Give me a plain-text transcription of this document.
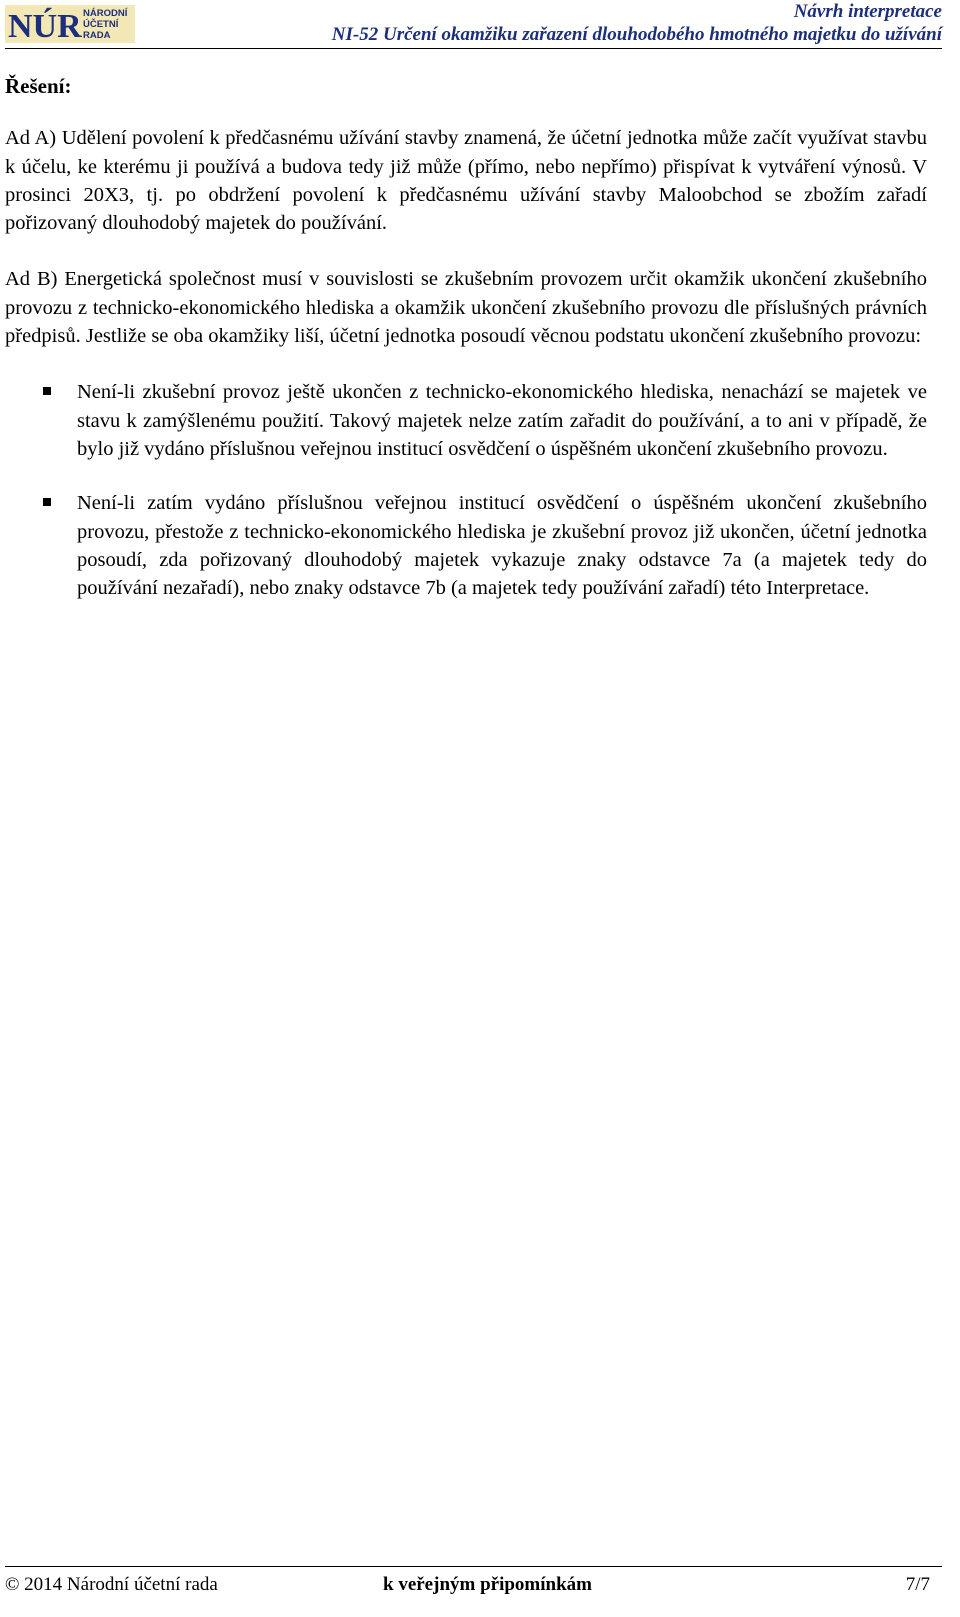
NÚR NÁRODNÍ
ÚČETNÍ
RADA
Návrh interpretace
NI-52 Určení okamžiku zařazení dlouhodobého hmotného majetku do užívání
Řešení:

Ad A) Udělení povolení k předčasnému užívání stavby znamená, že účetní jednotka může začít využívat stavbu k účelu, ke kterému ji používá a budova tedy již může (přímo, nebo nepřímo) přispívat k vytváření výnosů. V prosinci 20X3, tj. po obdržení povolení k předčasnému užívání stavby Maloobchod se zbožím zařadí pořizovaný dlouhodobý majetek do používání.

Ad B) Energetická společnost musí v souvislosti se zkušebním provozem určit okamžik ukončení zkušebního provozu z technicko-ekonomického hlediska a okamžik ukončení zkušebního provozu dle příslušných právních předpisů. Jestliže se oba okamžiky liší, účetní jednotka posoudí věcnou podstatu ukončení zkušebního provozu:

Není-li zkušební provoz ještě ukončen z technicko-ekonomického hlediska, nenachází se majetek ve stavu k zamýšlenému použití. Takový majetek nelze zatím zařadit do používání, a to ani v případě, že bylo již vydáno příslušnou veřejnou institucí osvědčení o úspěšném ukončení zkušebního provozu.
Není-li zatím vydáno příslušnou veřejnou institucí osvědčení o úspěšném ukončení zkušebního provozu, přestože z technicko-ekonomického hlediska je zkušební provoz již ukončen, účetní jednotka posoudí, zda pořizovaný dlouhodobý majetek vykazuje znaky odstavce 7a (a majetek tedy do používání nezařadí), nebo znaky odstavce 7b (a majetek tedy používání zařadí) této Interpretace.
© 2014 Národní účetní rada	k veřejným připomínkám	7/7
